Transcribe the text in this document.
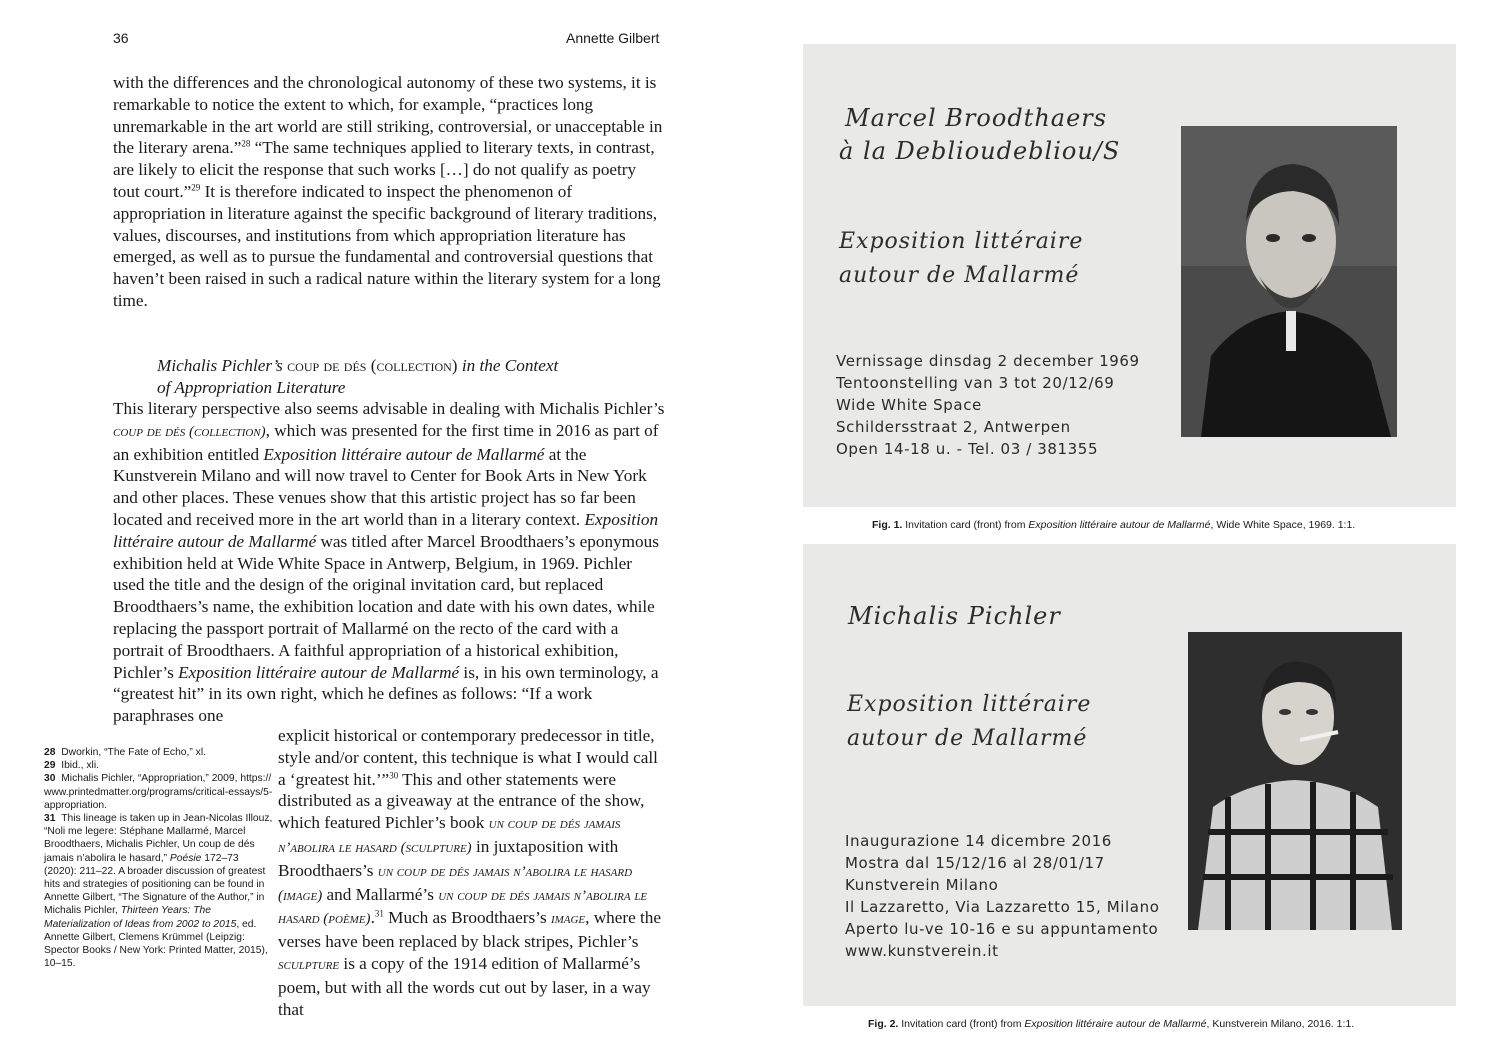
36	Annette Gilbert

with the differences and the chronological autonomy of these two systems, it is remarkable to notice the extent to which, for example, “practices long unremarkable in the art world are still striking, controversial, or unacceptable in the literary arena.”$^{28}$ “The same techniques applied to literary texts, in contrast, are likely to elicit the response that such works […] do not qualify as poetry tout court.”$^{29}$ It is therefore indicated to inspect the phenomenon of appropriation in literature against the specific background of literary traditions, values, discourses, and institutions from which appropriation literature has emerged, as well as to pursue the fundamental and controversial questions that haven’t been raised in such a radical nature within the literary system for a long time.

Michalis Pichler’s coup de dés (collection) in the Context
of Appropriation Literature

This literary perspective also seems advisable in dealing with Michalis Pichler’s coup de dés (collection), which was presented for the first time in 2016 as part of an exhibition entitled Exposition littéraire autour de Mallarmé at the Kunstverein Milano and will now travel to Center for Book Arts in New York and other places. These venues show that this artistic project has so far been located and received more in the art world than in a literary context. Exposition littéraire autour de Mallarmé was titled after Marcel Broodthaers’s eponymous exhibition held at Wide White Space in Antwerp, Belgium, in 1969. Pichler used the title and the design of the original invitation card, but replaced Broodthaers’s name, the exhibition location and date with his own dates, while replacing the passport portrait of Mallarmé on the recto of the card with a portrait of Broodthaers. A faithful appropriation of a historical exhibition, Pichler’s Exposition littéraire autour de Mallarmé is, in his own terminology, a “greatest hit” in its own right, which he defines as follows: “If a work paraphrases one

explicit historical or contemporary predecessor in title, style and/or content, this technique is what I would call a ‘greatest hit.’”$^{30}$ This and other statements were distributed as a giveaway at the entrance of the show, which featured Pichler’s book un coup de dés jamais n’abolira le hasard (sculpture) in juxtaposition with Broodthaers’s un coup de dés jamais n’abolira le hasard (image) and Mallarmé’s un coup de dés jamais n’abolira le hasard (poème).$^{31}$ Much as Broodthaers’s image, where the verses have been replaced by black stripes, Pichler’s sculpture is a copy of the 1914 edition of Mallarmé’s poem, but with all the words cut out by laser, in a way that

28 Dworkin, “The Fate of Echo,” xl.
29 Ibid., xli.
30 Michalis Pichler, “Appropriation,” 2009, https://www.printedmatter.org/programs/critical-essays/5-appropriation.
31 This lineage is taken up in Jean-Nicolas Illouz, “Noli me legere: Stéphane Mallarmé, Marcel Broodthaers, Michalis Pichler, Un coup de dés jamais n’abolira le hasard,” Poésie 172–73 (2020): 211–22. A broader discussion of greatest hits and strategies of positioning can be found in Annette Gilbert, “The Signature of the Author,” in Michalis Pichler, Thirteen Years: The Materialization of Ideas from 2002 to 2015, ed. Annette Gilbert, Clemens Krümmel (Leipzig: Spector Books / New York: Printed Matter, 2015), 10–15.
Marcel Broodthaers
à la Deblioudebliou/S
Exposition littéraire
autour de Mallarmé
Vernissage dinsdag 2 december 1969
Tentoonstelling van 3 tot 20/12/69
Wide White Space
Schildersstraat 2, Antwerpen
Open 14-18 u. - Tel. 03 / 381355
Fig. 1. Invitation card (front) from Exposition littéraire autour de Mallarmé, Wide White Space, 1969. 1:1.
Michalis Pichler
Exposition littéraire
autour de Mallarmé
Inaugurazione 14 dicembre 2016
Mostra dal 15/12/16 al 28/01/17
Kunstverein Milano
Il Lazzaretto, Via Lazzaretto 15, Milano
Aperto lu-ve 10-16 e su appuntamento
www.kunstverein.it
Fig. 2. Invitation card (front) from Exposition littéraire autour de Mallarmé, Kunstverein Milano, 2016. 1:1.
